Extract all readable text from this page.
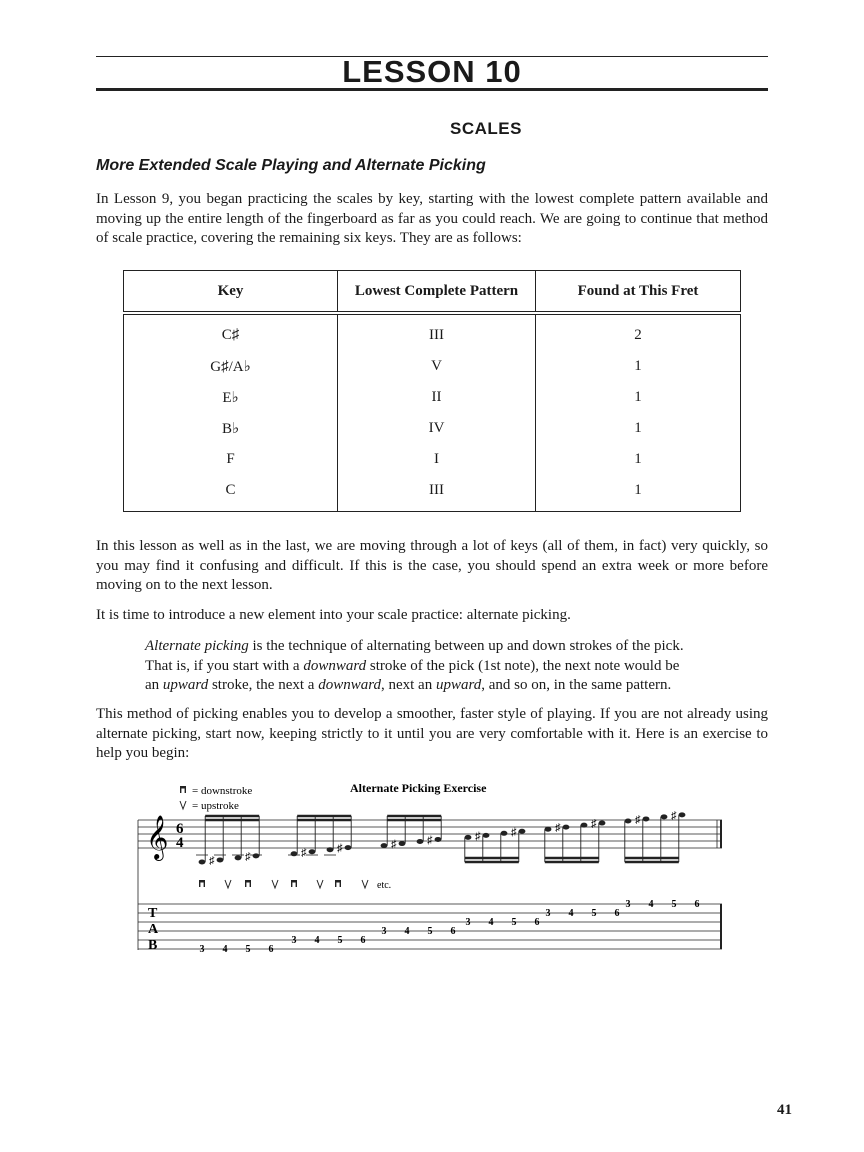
LESSON 10
SCALES
More Extended Scale Playing and Alternate Picking

In Lesson 9, you began practicing the scales by key, starting with the lowest complete pattern available and moving up the entire length of the fingerboard as far as you could reach. We are going to continue that method of scale practice, covering the remaining six keys. They are as follows:

Key	Lowest Complete Pattern	Found at This Fret
C♯	III	2
G♯/A♭	V	1
E♭	II	1
B♭	IV	1
F	I	1
C	III	1

In this lesson as well as in the last, we are moving through a lot of keys (all of them, in fact) very quickly, so you may find it confusing and difficult. If this is the case, you should spend an extra week or more before moving on to the next lesson.

It is time to introduce a new element into your scale practice: alternate picking.

Alternate picking is the technique of alternating between up and down strokes of the pick.
That is, if you start with a downward stroke of the pick (1st note), the next note would be
an upward stroke, the next a downward, next an upward, and so on, in the same pattern.

This method of picking enables you to develop a smoother, faster style of playing. If you are not already using alternate picking, start now, keeping strictly to it until you are very comfortable with it. Here is an exercise to help you begin:

= downstroke
= upstroke
Alternate Picking Exercise
𝄞 6
4
♯	♯	♯	♯	♯	♯	♯	♯	♯	♯	♯	♯
etc.
T
A
B	3 4 5 6
3 4 5 6
3 4 5 6
3 4 5 6
3 4 5 6
3 4 5 6
41
